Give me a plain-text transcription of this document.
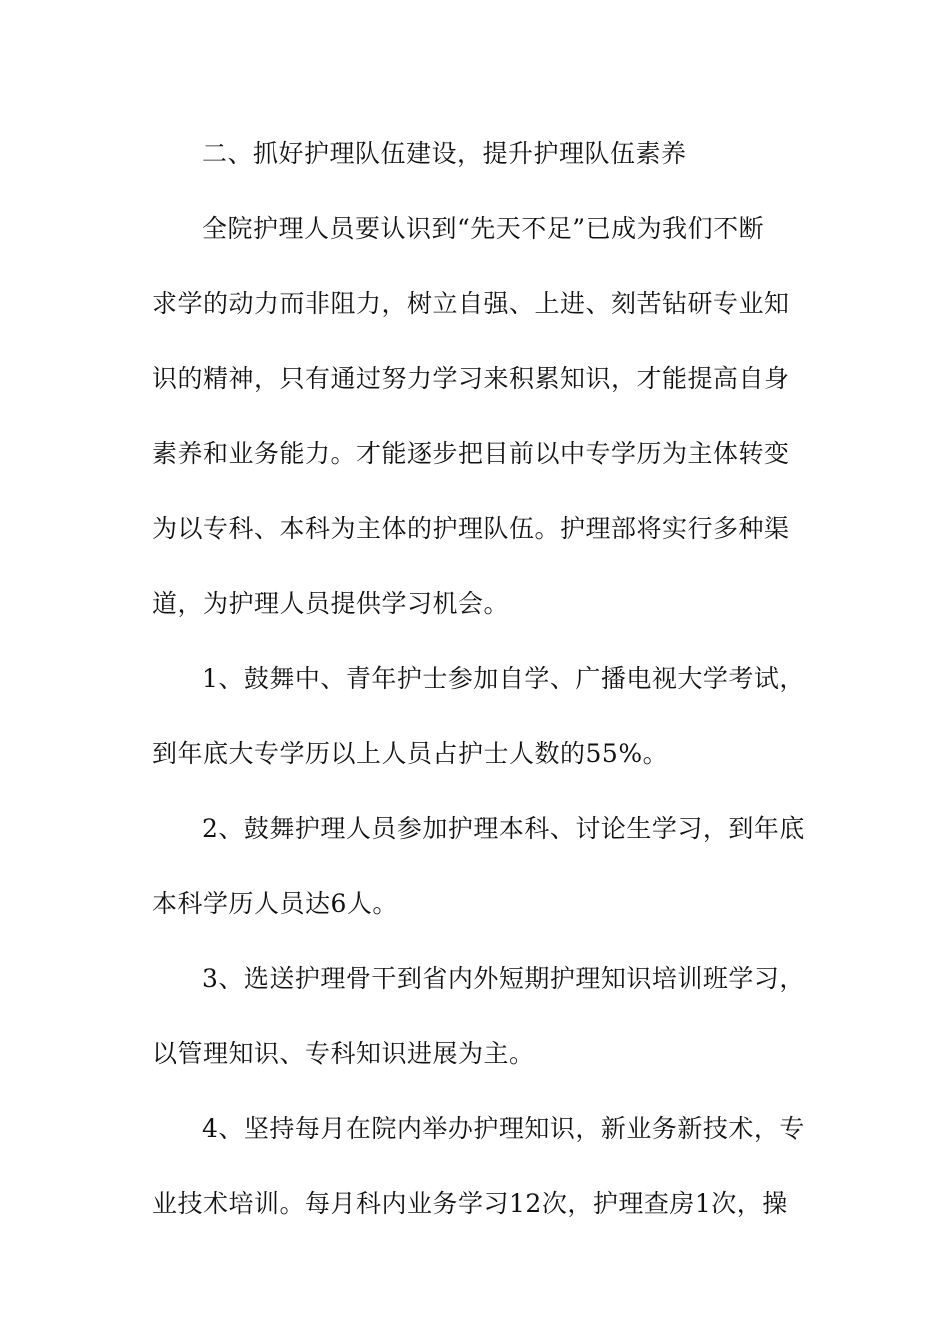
二、抓好护理队伍建设，提升护理队伍素养
全院护理人员要认识到“先天不足”已成为我们不断
求学的动力而非阻力，树立自强、上进、刻苦钻研专业知
识的精神，只有通过努力学习来积累知识，才能提高自身
素养和业务能力。才能逐步把目前以中专学历为主体转变
为以专科、本科为主体的护理队伍。护理部将实行多种渠
道，为护理人员提供学习机会。
1、鼓舞中、青年护士参加自学、广播电视大学考试，
到年底大专学历以上人员占护士人数的55%。
2、鼓舞护理人员参加护理本科、讨论生学习，到年底
本科学历人员达6人。
3、选送护理骨干到省内外短期护理知识培训班学习，
以管理知识、专科知识进展为主。
4、坚持每月在院内举办护理知识，新业务新技术，专
业技术培训。每月科内业务学习12次，护理查房1次，操
